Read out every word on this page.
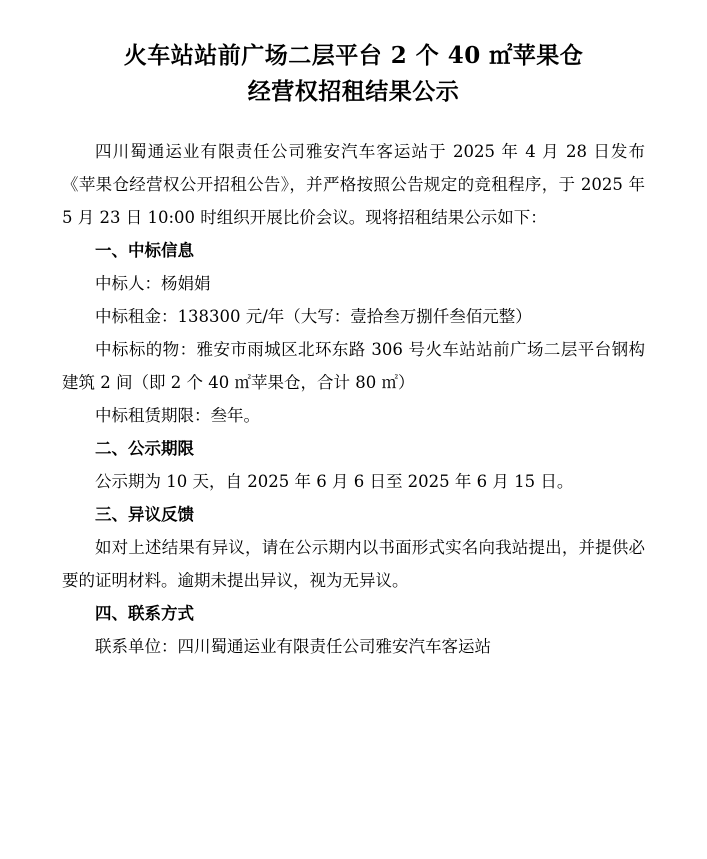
火车站站前广场二层平台 2 个 40 ㎡苹果仓
经营权招租结果公示

四川蜀通运业有限责任公司雅安汽车客运站于 2025 年 4 月 28 日发布《苹果仓经营权公开招租公告》，并严格按照公告规定的竞租程序，于 2025 年 5 月 23 日 10:00 时组织开展比价会议。现将招租结果公示如下：

一、中标信息

中标人：杨娟娟

中标租金：138300 元/年（大写：壹拾叁万捌仟叁佰元整）

中标标的物：雅安市雨城区北环东路 306 号火车站站前广场二层平台钢构建筑 2 间（即 2 个 40 ㎡苹果仓，合计 80 ㎡）

中标租赁期限：叁年。

二、公示期限

公示期为 10 天，自 2025 年 6 月 6 日至 2025 年 6 月 15 日。

三、异议反馈

如对上述结果有异议，请在公示期内以书面形式实名向我站提出，并提供必要的证明材料。逾期未提出异议，视为无异议。

四、联系方式

联系单位：四川蜀通运业有限责任公司雅安汽车客运站
